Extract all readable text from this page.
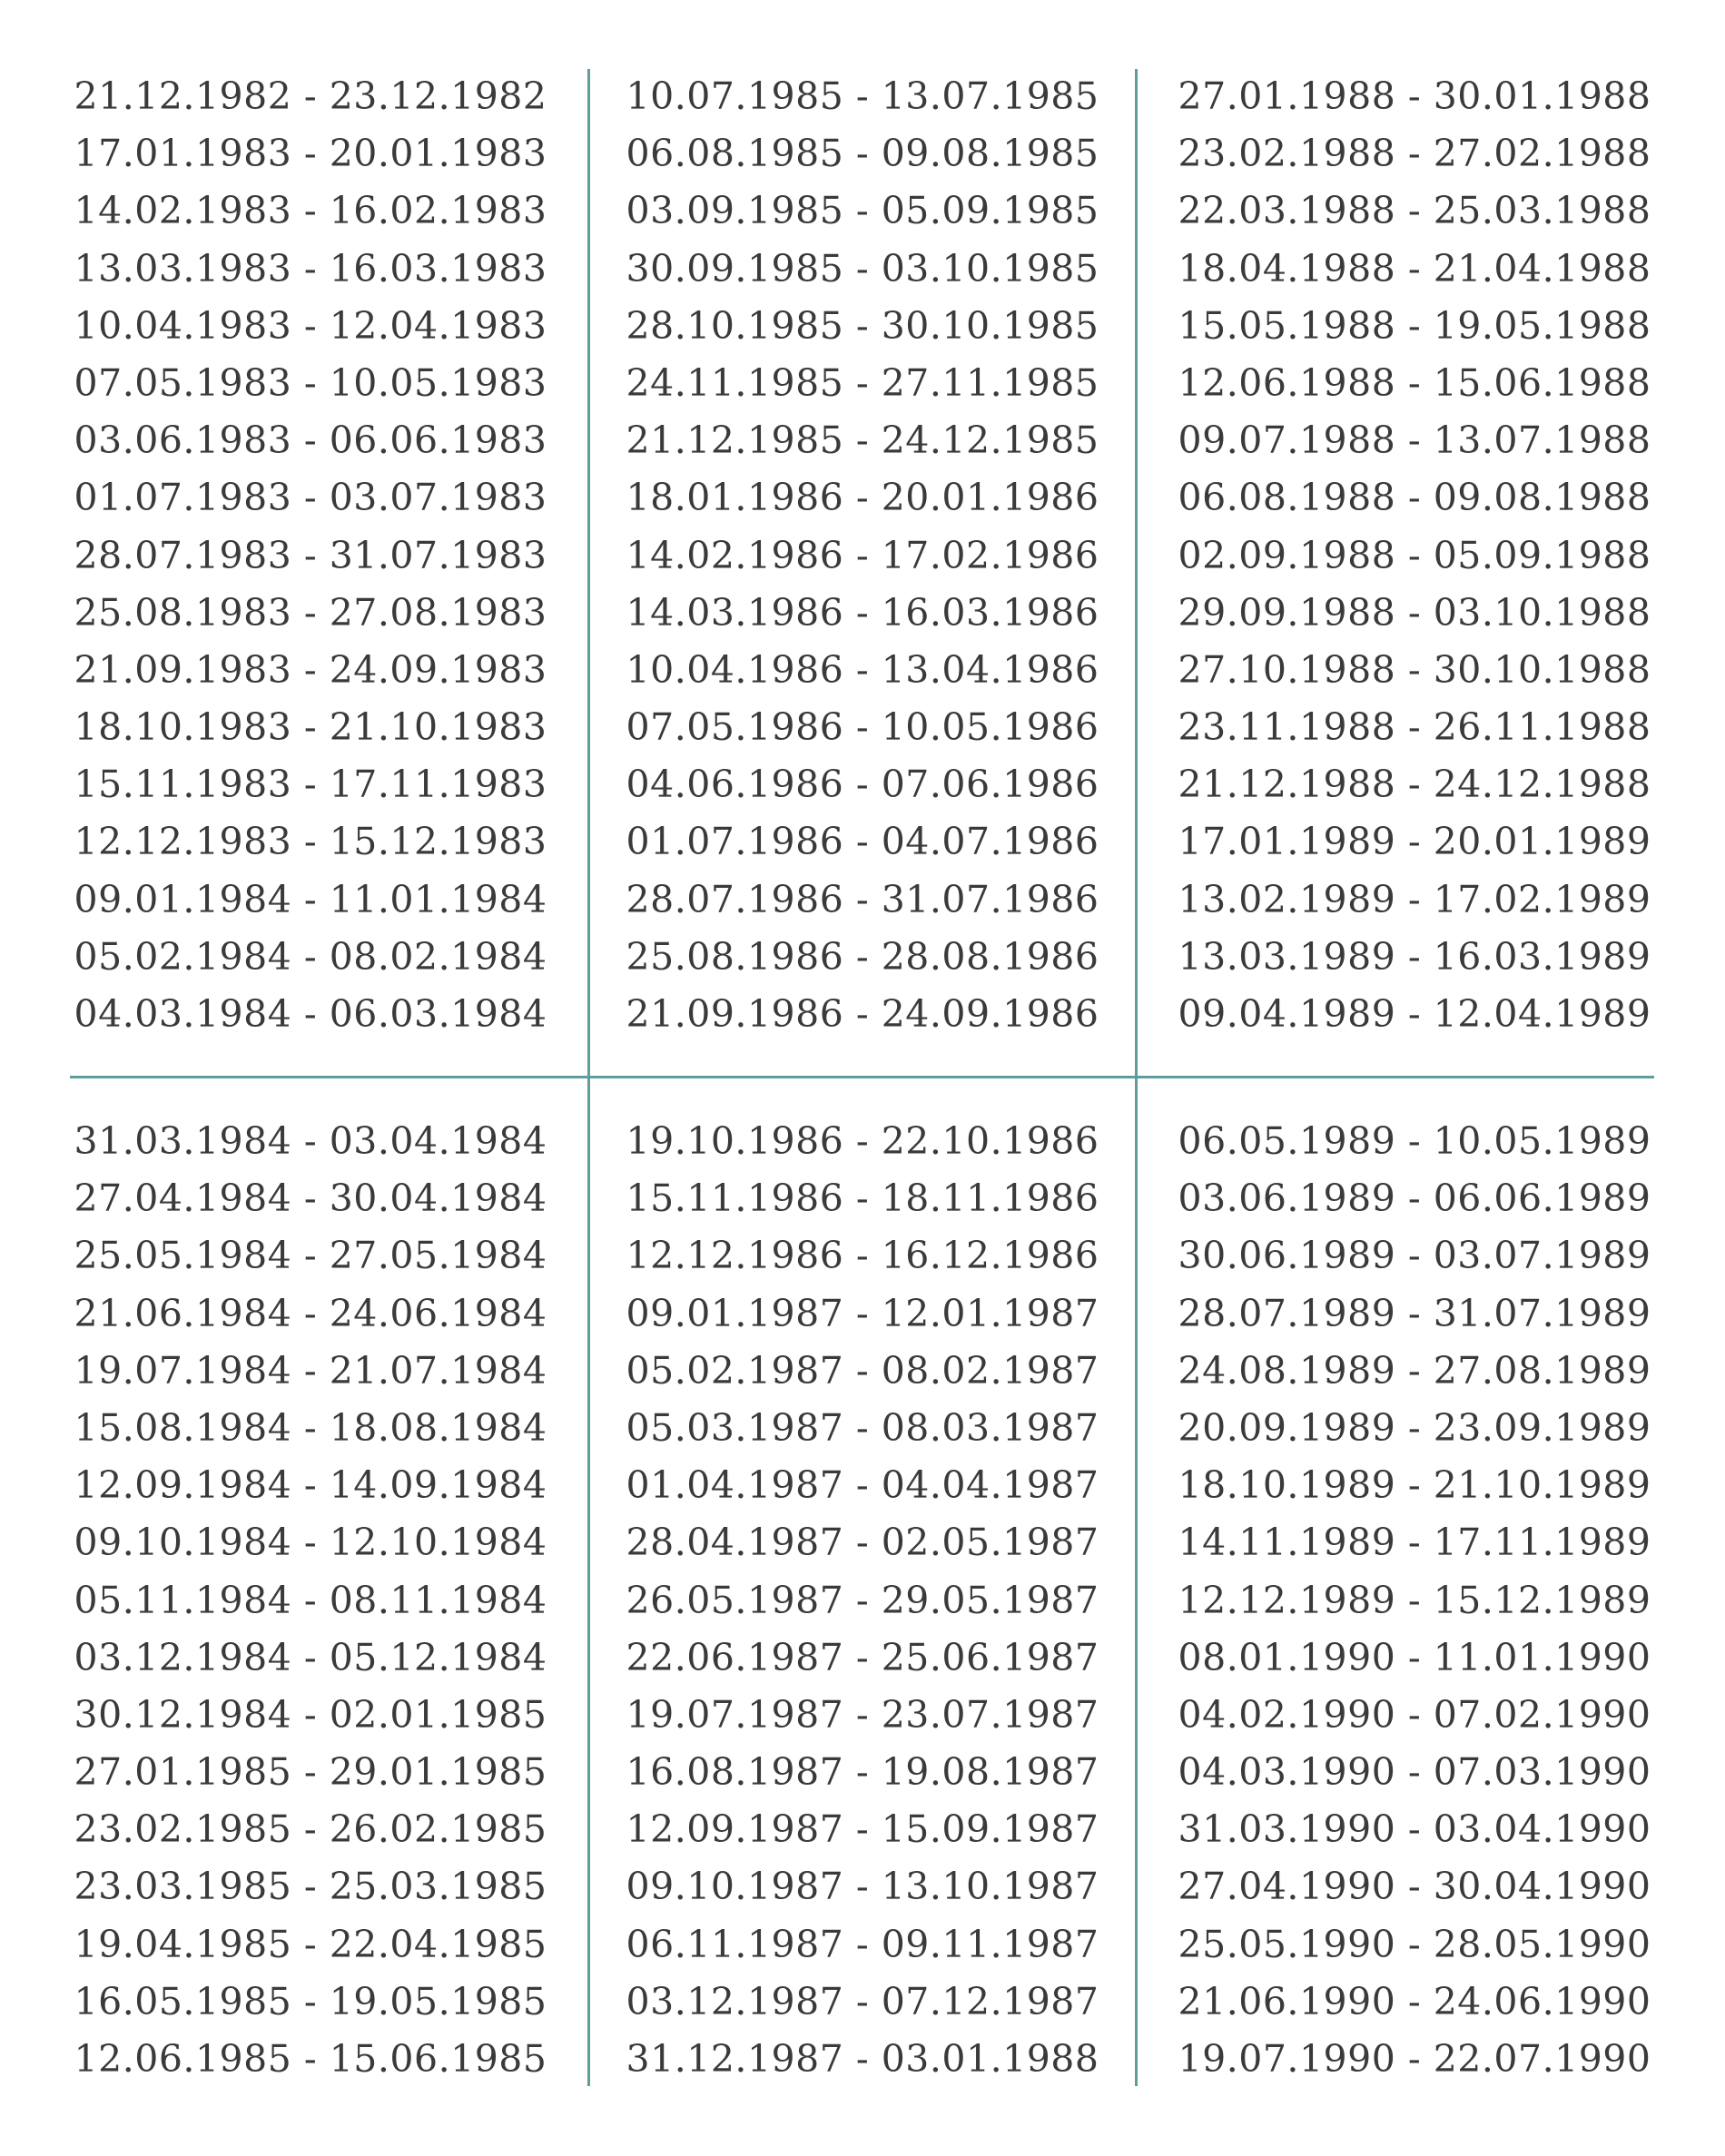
21.12.1982 - 23.12.1982
17.01.1983 - 20.01.1983
14.02.1983 - 16.02.1983
13.03.1983 - 16.03.1983
10.04.1983 - 12.04.1983
07.05.1983 - 10.05.1983
03.06.1983 - 06.06.1983
01.07.1983 - 03.07.1983
28.07.1983 - 31.07.1983
25.08.1983 - 27.08.1983
21.09.1983 - 24.09.1983
18.10.1983 - 21.10.1983
15.11.1983 - 17.11.1983
12.12.1983 - 15.12.1983
09.01.1984 - 11.01.1984
05.02.1984 - 08.02.1984
04.03.1984 - 06.03.1984
10.07.1985 - 13.07.1985
06.08.1985 - 09.08.1985
03.09.1985 - 05.09.1985
30.09.1985 - 03.10.1985
28.10.1985 - 30.10.1985
24.11.1985 - 27.11.1985
21.12.1985 - 24.12.1985
18.01.1986 - 20.01.1986
14.02.1986 - 17.02.1986
14.03.1986 - 16.03.1986
10.04.1986 - 13.04.1986
07.05.1986 - 10.05.1986
04.06.1986 - 07.06.1986
01.07.1986 - 04.07.1986
28.07.1986 - 31.07.1986
25.08.1986 - 28.08.1986
21.09.1986 - 24.09.1986
27.01.1988 - 30.01.1988
23.02.1988 - 27.02.1988
22.03.1988 - 25.03.1988
18.04.1988 - 21.04.1988
15.05.1988 - 19.05.1988
12.06.1988 - 15.06.1988
09.07.1988 - 13.07.1988
06.08.1988 - 09.08.1988
02.09.1988 - 05.09.1988
29.09.1988 - 03.10.1988
27.10.1988 - 30.10.1988
23.11.1988 - 26.11.1988
21.12.1988 - 24.12.1988
17.01.1989 - 20.01.1989
13.02.1989 - 17.02.1989
13.03.1989 - 16.03.1989
09.04.1989 - 12.04.1989
31.03.1984 - 03.04.1984
27.04.1984 - 30.04.1984
25.05.1984 - 27.05.1984
21.06.1984 - 24.06.1984
19.07.1984 - 21.07.1984
15.08.1984 - 18.08.1984
12.09.1984 - 14.09.1984
09.10.1984 - 12.10.1984
05.11.1984 - 08.11.1984
03.12.1984 - 05.12.1984
30.12.1984 - 02.01.1985
27.01.1985 - 29.01.1985
23.02.1985 - 26.02.1985
23.03.1985 - 25.03.1985
19.04.1985 - 22.04.1985
16.05.1985 - 19.05.1985
12.06.1985 - 15.06.1985
19.10.1986 - 22.10.1986
15.11.1986 - 18.11.1986
12.12.1986 - 16.12.1986
09.01.1987 - 12.01.1987
05.02.1987 - 08.02.1987
05.03.1987 - 08.03.1987
01.04.1987 - 04.04.1987
28.04.1987 - 02.05.1987
26.05.1987 - 29.05.1987
22.06.1987 - 25.06.1987
19.07.1987 - 23.07.1987
16.08.1987 - 19.08.1987
12.09.1987 - 15.09.1987
09.10.1987 - 13.10.1987
06.11.1987 - 09.11.1987
03.12.1987 - 07.12.1987
31.12.1987 - 03.01.1988
06.05.1989 - 10.05.1989
03.06.1989 - 06.06.1989
30.06.1989 - 03.07.1989
28.07.1989 - 31.07.1989
24.08.1989 - 27.08.1989
20.09.1989 - 23.09.1989
18.10.1989 - 21.10.1989
14.11.1989 - 17.11.1989
12.12.1989 - 15.12.1989
08.01.1990 - 11.01.1990
04.02.1990 - 07.02.1990
04.03.1990 - 07.03.1990
31.03.1990 - 03.04.1990
27.04.1990 - 30.04.1990
25.05.1990 - 28.05.1990
21.06.1990 - 24.06.1990
19.07.1990 - 22.07.1990
